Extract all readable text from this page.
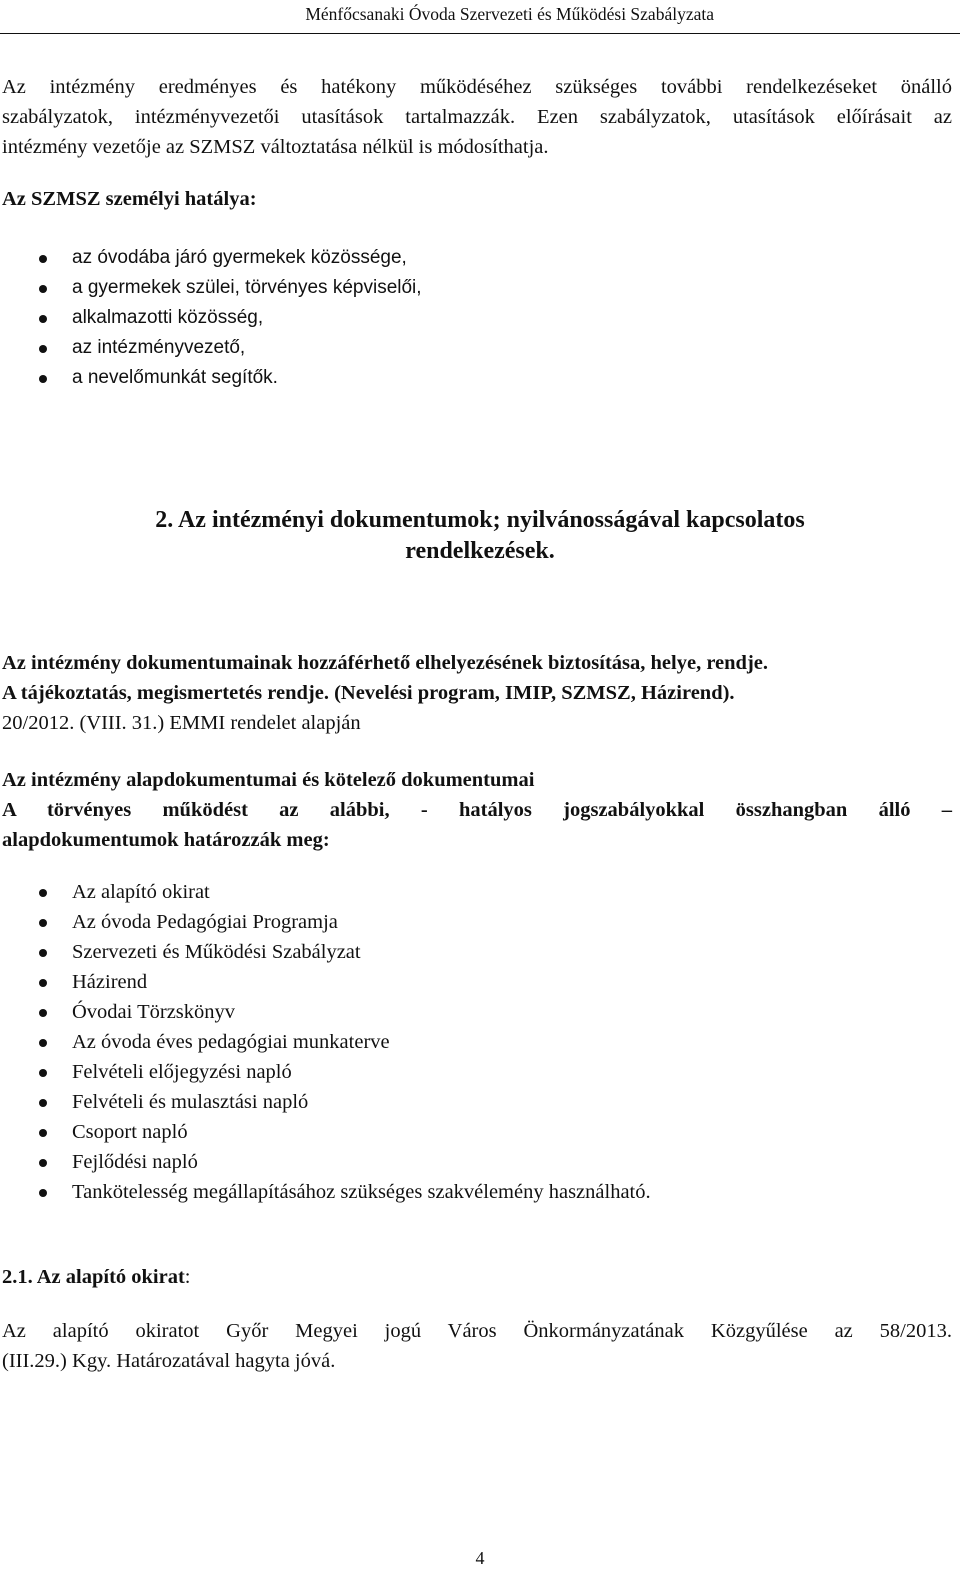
Ménfőcsanaki Óvoda Szervezeti és Működési Szabályzata

Az intézmény eredményes és hatékony működéséhez szükséges további rendelkezéseket önálló

szabályzatok, intézményvezetői utasítások tartalmazzák. Ezen szabályzatok, utasítások előírásait az

intézmény vezetője az SZMSZ változtatása nélkül is módosíthatja.

Az SZMSZ személyi hatálya:

az óvodába járó gyermekek közössége,
a gyermekek szülei, törvényes képviselői,
alkalmazotti közösség,
az intézményvezető,
a nevelőmunkát segítők.

2. Az intézményi dokumentumok; nyilvánosságával kapcsolatos

rendelkezések.

Az intézmény dokumentumainak hozzáférhető elhelyezésének biztosítása, helye, rendje.

A tájékoztatás, megismertetés rendje. (Nevelési program, IMIP, SZMSZ, Házirend).

20/2012. (VIII. 31.) EMMI rendelet alapján

Az intézmény alapdokumentumai és kötelező dokumentumai

A törvényes működést az alábbi, - hatályos jogszabályokkal összhangban álló –

alapdokumentumok határozzák meg:

Az alapító okirat
Az óvoda Pedagógiai Programja
Szervezeti és Működési Szabályzat
Házirend
Óvodai Törzskönyv
Az óvoda éves pedagógiai munkaterve
Felvételi előjegyzési napló
Felvételi és mulasztási napló
Csoport napló
Fejlődési napló
Tankötelesség megállapításához szükséges szakvélemény használható.

2.1. Az alapító okirat:

Az alapító okiratot Győr Megyei jogú Város Önkormányzatának Közgyűlése az 58/2013.

(III.29.) Kgy. Határozatával hagyta jóvá.

4
